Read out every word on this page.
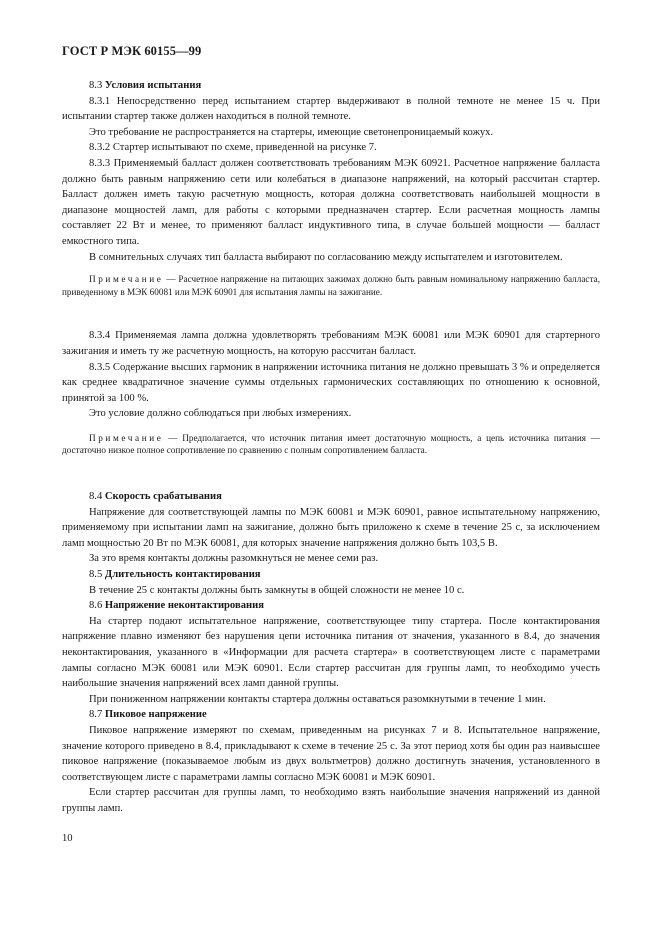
ГОСТ Р МЭК 60155—99
8.3 Условия испытания

8.3.1 Непосредственно перед испытанием стартер выдерживают в полной темноте не менее 15 ч. При испытании стартер также должен находиться в полной темноте.

Это требование не распространяется на стартеры, имеющие светонепроницаемый кожух.

8.3.2 Стартер испытывают по схеме, приведенной на рисунке 7.

8.3.3 Применяемый балласт должен соответствовать требованиям МЭК 60921. Расчетное напряжение балласта должно быть равным напряжению сети или колебаться в диапазоне напряжений, на который рассчитан стартер. Балласт должен иметь такую расчетную мощность, которая должна соответствовать наибольшей мощности в диапазоне мощностей ламп, для работы с которыми предназначен стартер. Если расчетная мощность лампы составляет 22 Вт и менее, то применяют балласт индуктивного типа, в случае большей мощности — балласт емкостного типа.

В сомнительных случаях тип балласта выбирают по согласованию между испытателем и изготовителем.

Примечание — Расчетное напряжение на питающих зажимах должно быть равным номинальному напряжению балласта, приведенному в МЭК 60081 или МЭК 60901 для испытания лампы на зажигание.

8.3.4 Применяемая лампа должна удовлетворять требованиям МЭК 60081 или МЭК 60901 для стартерного зажигания и иметь ту же расчетную мощность, на которую рассчитан балласт.

8.3.5 Содержание высших гармоник в напряжении источника питания не должно превышать 3 % и определяется как среднее квадратичное значение суммы отдельных гармонических составляющих по отношению к основной, принятой за 100 %.

Это условие должно соблюдаться при любых измерениях.

Примечание — Предполагается, что источник питания имеет достаточную мощность, а цепь источника питания — достаточно низкое полное сопротивление по сравнению с полным сопротивлением балласта.

8.4 Скорость срабатывания

Напряжение для соответствующей лампы по МЭК 60081 и МЭК 60901, равное испытательному напряжению, применяемому при испытании ламп на зажигание, должно быть приложено к схеме в течение 25 с, за исключением ламп мощностью 20 Вт по МЭК 60081, для которых значение напряжения должно быть 103,5 В.

За это время контакты должны разомкнуться не менее семи раз.

8.5 Длительность контактирования

В течение 25 с контакты должны быть замкнуты в общей сложности не менее 10 с.

8.6 Напряжение неконтактирования

На стартер подают испытательное напряжение, соответствующее типу стартера. После контактирования напряжение плавно изменяют без нарушения цепи источника питания от значения, указанного в 8.4, до значения неконтактирования, указанного в «Информации для расчета стартера» в соответствующем листе с параметрами лампы согласно МЭК 60081 или МЭК 60901. Если стартер рассчитан для группы ламп, то необходимо учесть наибольшие значения напряжений всех ламп данной группы.

При пониженном напряжении контакты стартера должны оставаться разомкнутыми в течение 1 мин.

8.7 Пиковое напряжение

Пиковое напряжение измеряют по схемам, приведенным на рисунках 7 и 8. Испытательное напряжение, значение которого приведено в 8.4, прикладывают к схеме в течение 25 с. За этот период хотя бы один раз наивысшее пиковое напряжение (показываемое любым из двух вольтметров) должно достигнуть значения, установленного в соответствующем листе с параметрами лампы согласно МЭК 60081 и МЭК 60901.

Если стартер рассчитан для группы ламп, то необходимо взять наибольшие значения напряжений из данной группы ламп.

10
